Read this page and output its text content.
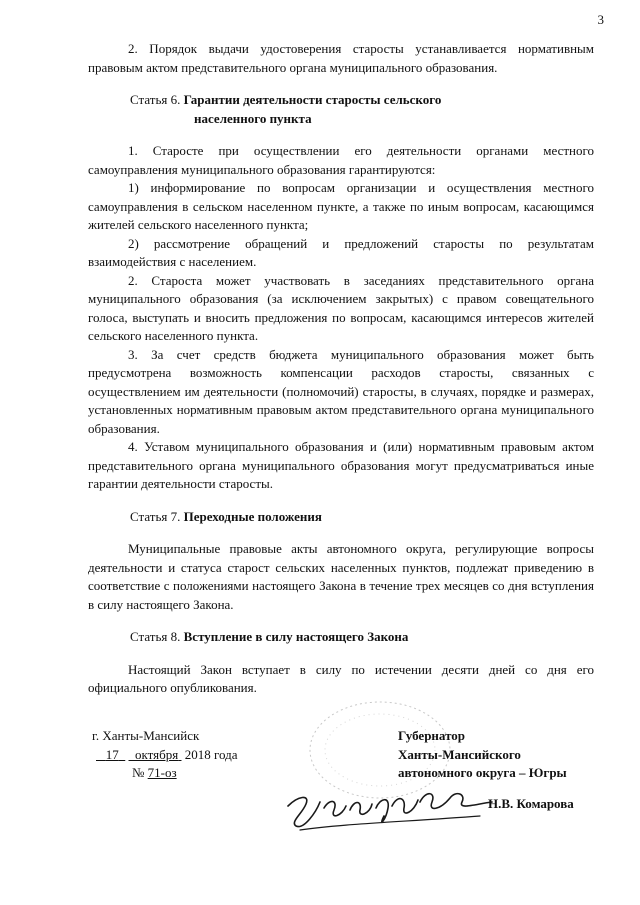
3

2. Порядок выдачи удостоверения старосты устанавливается нормативным правовым актом представительного органа муниципального образования.

Статья 6. Гарантии деятельности старосты сельского
населенного пункта

1. Старосте при осуществлении его деятельности органами местного самоуправления муниципального образования гарантируются:

1) информирование по вопросам организации и осуществления местного самоуправления в сельском населенном пункте, а также по иным вопросам, касающимся жителей сельского населенного пункта;

2) рассмотрение обращений и предложений старосты по результатам взаимодействия с населением.

2. Староста может участвовать в заседаниях представительного органа муниципального образования (за исключением закрытых) с правом совещательного голоса, выступать и вносить предложения по вопросам, касающимся интересов жителей сельского населенного пункта.

3. За счет средств бюджета муниципального образования может быть предусмотрена возможность компенсации расходов старосты, связанных с осуществлением им деятельности (полномочий) старосты, в случаях, порядке и размерах, установленных нормативным правовым актом представительного органа муниципального образования.

4. Уставом муниципального образования и (или) нормативным правовым актом представительного органа муниципального образования могут предусматриваться иные гарантии деятельности старосты.

Статья 7. Переходные положения

Муниципальные правовые акты автономного округа, регулирующие вопросы деятельности и статуса старост сельских населенных пунктов, подлежат приведению в соответствие с положениями настоящего Закона в течение трех месяцев со дня вступления в силу настоящего Закона.

Статья 8. Вступление в силу настоящего Закона

Настоящий Закон вступает в силу по истечении десяти дней со дня его официального опубликования.

г. Ханты-Мансийск
17 октября 2018 года
№ 71-оз
Губернатор
Ханты-Мансийского
автономного округа – Югры
Н.В. Комарова
